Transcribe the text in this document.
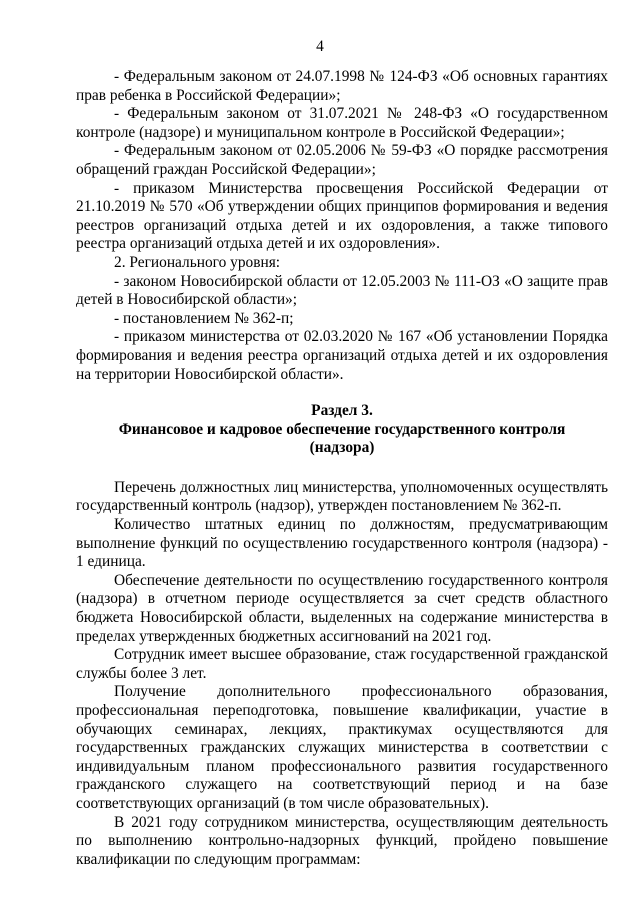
4

- Федеральным законом от 24.07.1998 № 124-ФЗ «Об основных гарантиях прав ребенка в Российской Федерации»;

- Федеральным законом от 31.07.2021 № 248-ФЗ «О государственном контроле (надзоре) и муниципальном контроле в Российской Федерации»;

- Федеральным законом от 02.05.2006 № 59-ФЗ «О порядке рассмотрения обращений граждан Российской Федерации»;

- приказом Министерства просвещения Российской Федерации от 21.10.2019 № 570 «Об утверждении общих принципов формирования и ведения реестров организаций отдыха детей и их оздоровления, а также типового реестра организаций отдыха детей и их оздоровления».

2. Регионального уровня:

- законом Новосибирской области от 12.05.2003 № 111-ОЗ «О защите прав детей в Новосибирской области»;

- постановлением № 362-п;

- приказом министерства от 02.03.2020 № 167 «Об установлении Порядка формирования и ведения реестра организаций отдыха детей и их оздоровления на территории Новосибирской области».

Раздел 3.

Финансовое и кадровое обеспечение государственного контроля

(надзора)

Перечень должностных лиц министерства, уполномоченных осуществлять государственный контроль (надзор), утвержден постановлением № 362-п.

Количество штатных единиц по должностям, предусматривающим выполнение функций по осуществлению государственного контроля (надзора) - 1 единица.

Обеспечение деятельности по осуществлению государственного контроля (надзора) в отчетном периоде осуществляется за счет средств областного бюджета Новосибирской области, выделенных на содержание министерства в пределах утвержденных бюджетных ассигнований на 2021 год.

Сотрудник имеет высшее образование, стаж государственной гражданской службы более 3 лет.

Получение дополнительного профессионального образования, профессиональная переподготовка, повышение квалификации, участие в обучающих семинарах, лекциях, практикумах осуществляются для государственных гражданских служащих министерства в соответствии с индивидуальным планом профессионального развития государственного гражданского служащего на соответствующий период и на базе соответствующих организаций (в том числе образовательных).

В 2021 году сотрудником министерства, осуществляющим деятельность по выполнению контрольно-надзорных функций, пройдено повышение квалификации по следующим программам:
